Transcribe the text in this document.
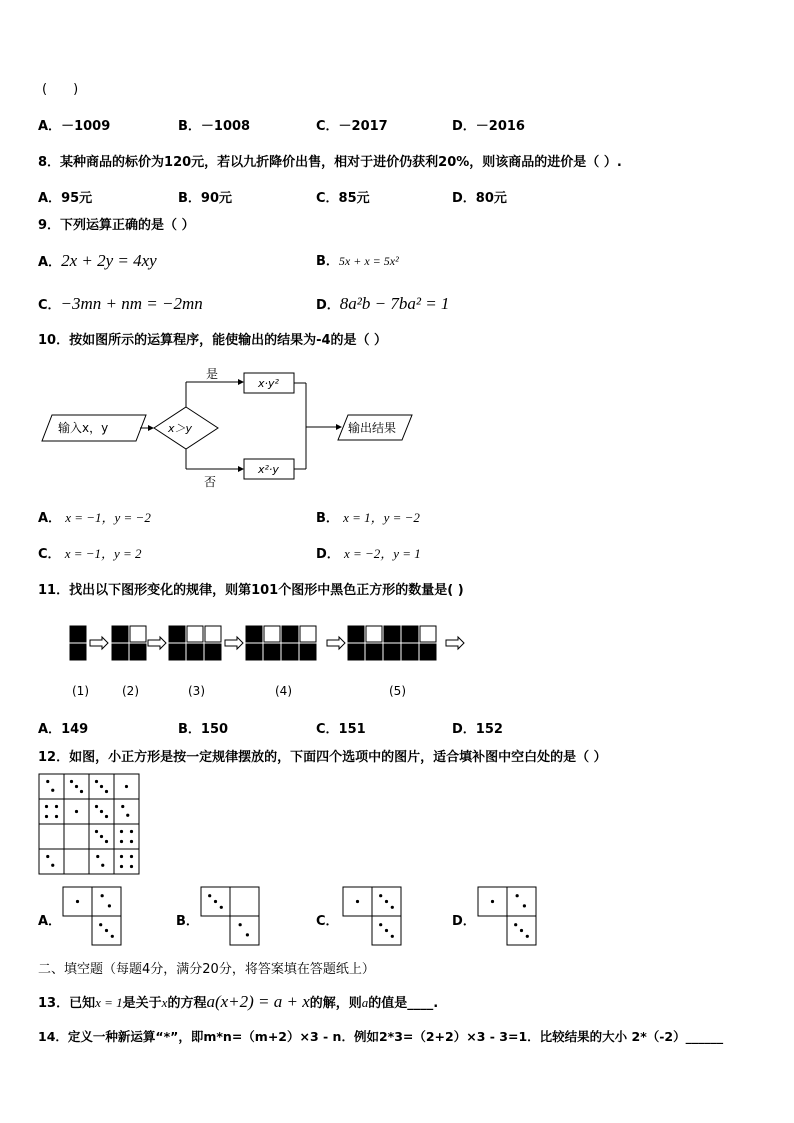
(　　)
A．－1009	B．－1008	C．－2017	D．－2016
8．某种商品的标价为120元，若以九折降价出售，相对于进价仍获利20%，则该商品的进价是（ ）.
A．95元	B．90元	C．85元	D．80元
9．下列运算正确的是（ ）
A．2x + 2y = 4xy	B．5x + x = 5x²
C．−3mn + nm = −2mn	D．8a²b − 7ba² = 1
10．按如图所示的运算程序，能使输出的结果为-4的是（ ）
输入x，y	x＞y
是
x·y²
否
x²·y
输出结果
A． x = −1，y = −2	B． x = 1，y = −2
C． x = −1，y = 2	D． x = −2，y = 1
11．找出以下图形变化的规律，则第101个图形中黑色正方形的数量是( )
(1)	(2)	(3)	(4)	(5)
A．149	B．150	C．151	D．152
12．如图，小正方形是按一定规律摆放的，下面四个选项中的图片，适合填补图中空白处的是（ ）
A．	B．	C．	D．
二、填空题（每题4分，满分20分，将答案填在答题纸上）
13．已知x = 1是关于x的方程a(x+2) = a + x的解，则a的值是____.
14．定义一种新运算“*”，即m*n=（m+2）×3 - n．例如2*3=（2+2）×3 - 3=1．比较结果的大小 2*（-2）______
